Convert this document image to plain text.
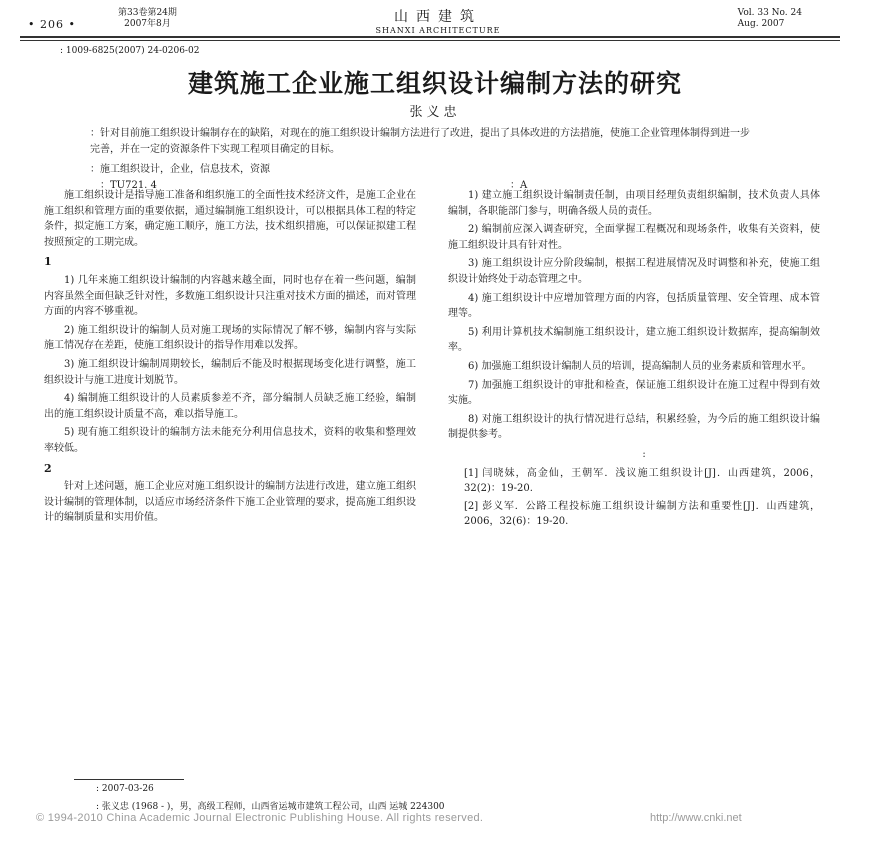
• 206 •
第33卷第24期
2007年8月	山西建筑
SHANXI ARCHITECTURE
Vol. 33 No. 24
Aug. 2007
: 1009-6825(2007) 24-0206-02
建筑施工企业施工组织设计编制方法的研究
张义忠
：针对目前施工组织设计编制存在的缺陷，对现在的施工组织设计编制方法进行了改进，提出了具体改进的方法措施，使施工企业管理体制得到进一步完善，并在一定的资源条件下实现工程项目确定的目标。
：施工组织设计，企业，信息技术，资源
：TU721. 4	：A

施工组织设计是指导施工准备和组织施工的全面性技术经济文件，是施工企业在施工组织和管理方面的重要依据，通过编制施工组织设计，可以根据具体工程的特定条件，拟定施工方案，确定施工顺序，施工方法，技术组织措施，可以保证拟建工程按照预定的工期完成。

1

1) 几年来施工组织设计编制的内容越来越全面，同时也存在着一些问题，编制内容虽然全面但缺乏针对性，多数施工组织设计只注重对技术方面的描述，而对管理方面的内容不够重视。

2) 施工组织设计的编制人员对施工现场的实际情况了解不够，编制内容与实际施工情况存在差距，使施工组织设计的指导作用难以发挥。

3) 施工组织设计编制周期较长，编制后不能及时根据现场变化进行调整，施工组织设计与施工进度计划脱节。

4) 编制施工组织设计的人员素质参差不齐，部分编制人员缺乏施工经验，编制出的施工组织设计质量不高，难以指导施工。

5) 现有施工组织设计的编制方法未能充分利用信息技术，资料的收集和整理效率较低。

2

针对上述问题，施工企业应对施工组织设计的编制方法进行改进，建立施工组织设计编制的管理体制，以适应市场经济条件下施工企业管理的要求，提高施工组织设计的编制质量和实用价值。

1) 建立施工组织设计编制责任制，由项目经理负责组织编制，技术负责人具体编制，各职能部门参与，明确各级人员的责任。

2) 编制前应深入调查研究，全面掌握工程概况和现场条件，收集有关资料，使施工组织设计具有针对性。

3) 施工组织设计应分阶段编制，根据工程进展情况及时调整和补充，使施工组织设计始终处于动态管理之中。

4) 施工组织设计中应增加管理方面的内容，包括质量管理、安全管理、成本管理等。

5) 利用计算机技术编制施工组织设计，建立施工组织设计数据库，提高编制效率。

6) 加强施工组织设计编制人员的培训，提高编制人员的业务素质和管理水平。

7) 加强施工组织设计的审批和检查，保证施工组织设计在施工过程中得到有效实施。

8) 对施工组织设计的执行情况进行总结，积累经验，为今后的施工组织设计编制提供参考。

:

[1] 闫晓妹，高金仙，王朝军．浅议施工组织设计[J]．山西建筑，2006，32(2)：19-20.

[2] 彭义军．公路工程投标施工组织设计编制方法和重要性[J]．山西建筑，2006，32(6)：19-20.

: 2007-03-26
: 张义忠 (1968 - )，男，高级工程师，山西省运城市建筑工程公司，山西 运城 224300
© 1994-2010 China Academic Journal Electronic Publishing House. All rights reserved.	http://www.cnki.net
